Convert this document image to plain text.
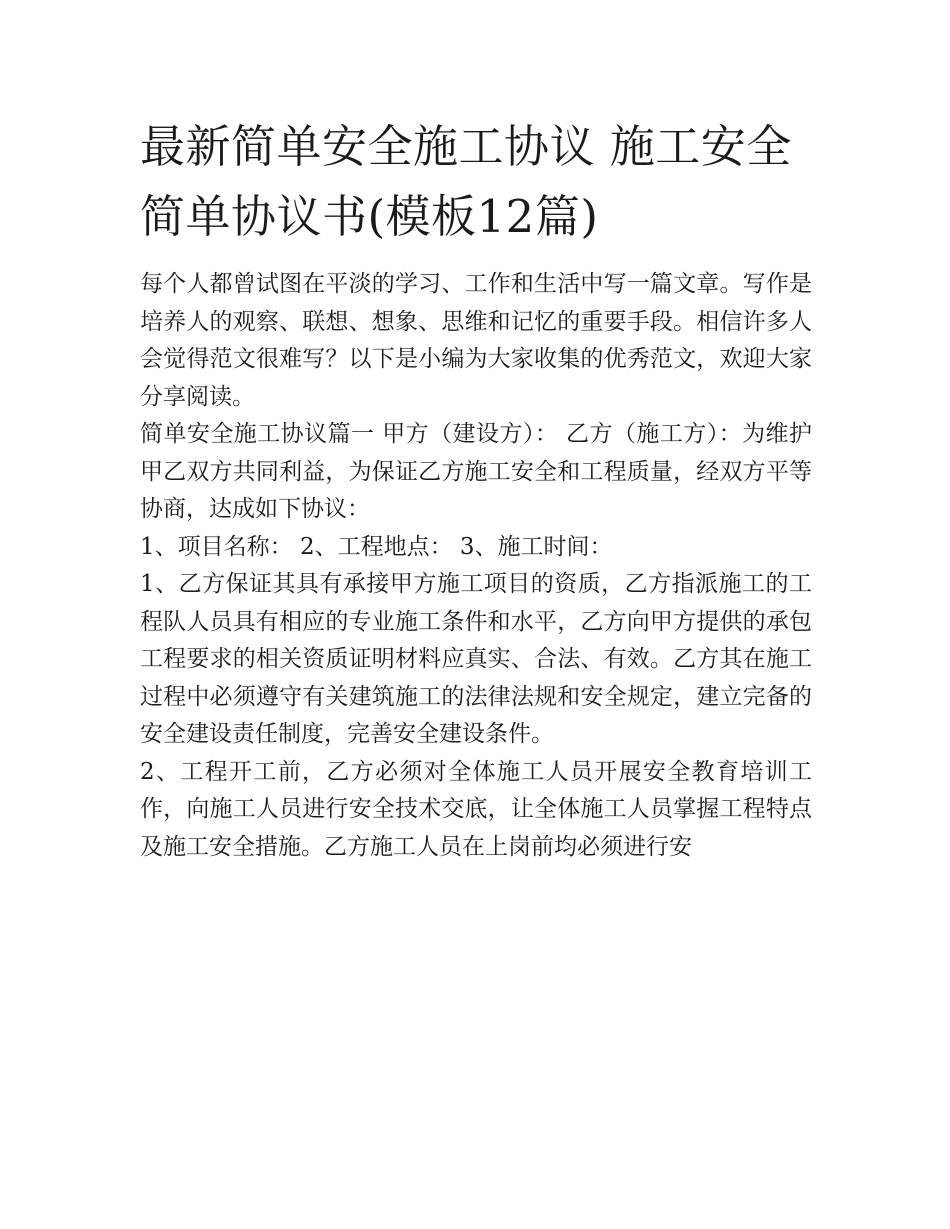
最新简单安全施工协议 施工安全简单协议书(模板12篇)

每个人都曾试图在平淡的学习、工作和生活中写一篇文章。写作是培养人的观察、联想、想象、思维和记忆的重要手段。相信许多人会觉得范文很难写？以下是小编为大家收集的优秀范文，欢迎大家分享阅读。

简单安全施工协议篇一 甲方（建设方）： 乙方（施工方）：为维护甲乙双方共同利益，为保证乙方施工安全和工程质量，经双方平等协商，达成如下协议：

1、项目名称： 2、工程地点： 3、施工时间：

1、乙方保证其具有承接甲方施工项目的资质，乙方指派施工的工程队人员具有相应的专业施工条件和水平，乙方向甲方提供的承包工程要求的相关资质证明材料应真实、合法、有效。乙方其在施工过程中必须遵守有关建筑施工的法律法规和安全规定，建立完备的安全建设责任制度，完善安全建设条件。

2、工程开工前，乙方必须对全体施工人员开展安全教育培训工作，向施工人员进行安全技术交底，让全体施工人员掌握工程特点及施工安全措施。乙方施工人员在上岗前均必须进行安
